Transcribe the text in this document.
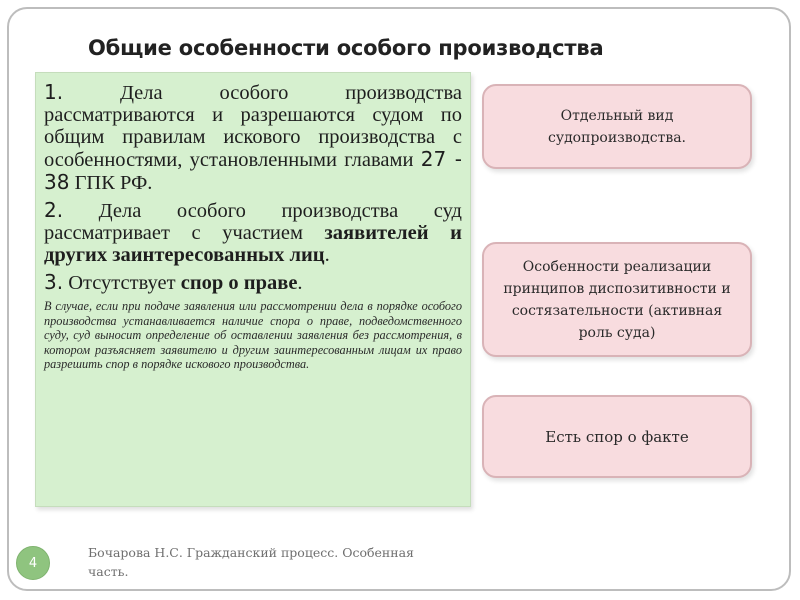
Общие особенности особого производства

1. Дела особого производства рассматриваются и разрешаются судом по общим правилам искового производства с особенностями, установленными главами 27 - 38 ГПК РФ.

2. Дела особого производства суд рассматривает с участием заявителей и других заинтересованных лиц.

3. Отсутствует спор о праве.

В случае, если при подаче заявления или рассмотрении дела в порядке особого производства устанавливается наличие спора о праве, подведомственного суду, суд выносит определение об оставлении заявления без рассмотрения, в котором разъясняет заявителю и другим заинтересованным лицам их право разрешить спор в порядке искового производства.

Отдельный вид судопроизводства.
Особенности реализации принципов диспозитивности и состязательности (активная роль суда)
Есть спор о факте
4
Бочарова Н.С. Гражданский процесс. Особенная часть.
